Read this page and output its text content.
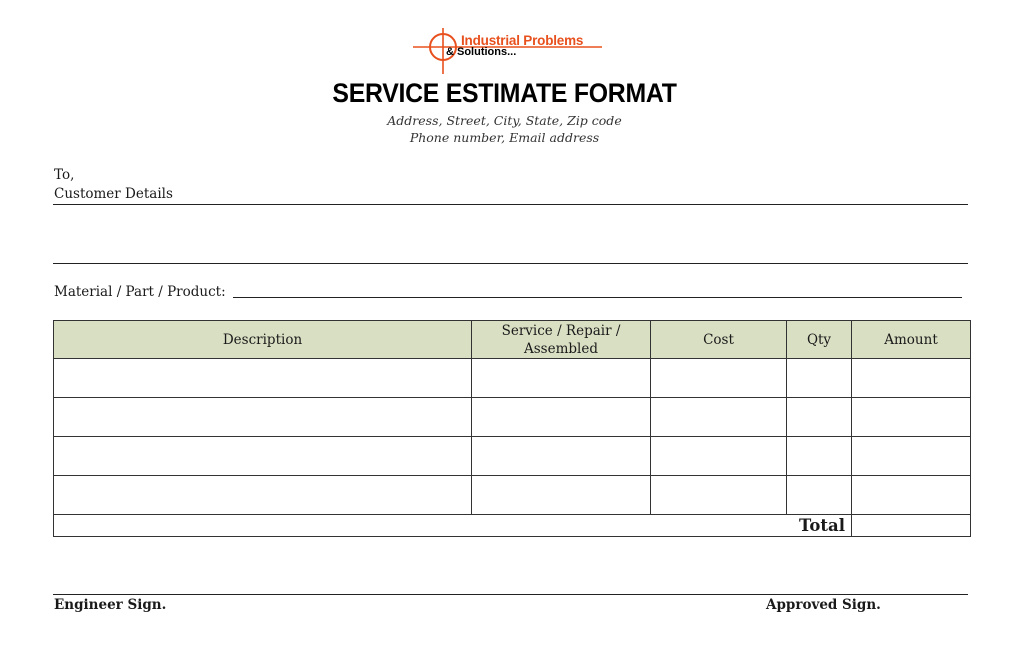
Industrial Problems
& Solutions...
SERVICE ESTIMATE FORMAT
Address, Street, City, State, Zip code
Phone number, Email address
To,
Customer Details
Material / Part / Product:
Description	Service / Repair / Assembled	Cost	Qty	Amount

Total				
Engineer Sign.	Approved Sign.
